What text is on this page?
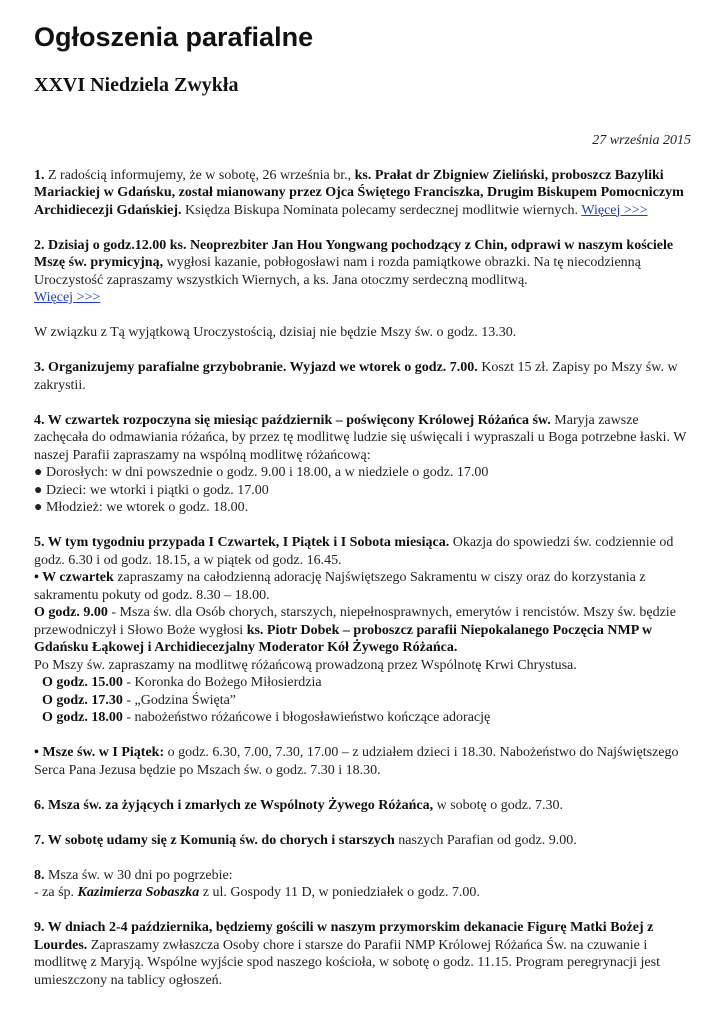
Ogłoszenia parafialne
XXVI Niedziela Zwykła
27 września 2015

1. Z radością informujemy, że w sobotę, 26 września br., ks. Prałat dr Zbigniew Zieliński, proboszcz Bazyliki Mariackiej w Gdańsku, został mianowany przez Ojca Świętego Franciszka, Drugim Biskupem Pomocniczym Archidiecezji Gdańskiej. Księdza Biskupa Nominata polecamy serdecznej modlitwie wiernych. Więcej >>>

2. Dzisiaj o godz.12.00 ks. Neoprezbiter Jan Hou Yongwang pochodzący z Chin, odprawi w naszym kościele Mszę św. prymicyjną, wygłosi kazanie, pobłogosławi nam i rozda pamiątkowe obrazki. Na tę niecodzienną Uroczystość zapraszamy wszystkich Wiernych, a ks. Jana otoczmy serdeczną modlitwą.
Więcej >>>

W związku z Tą wyjątkową Uroczystością, dzisiaj nie będzie Mszy św. o godz. 13.30.

3. Organizujemy parafialne grzybobranie. Wyjazd we wtorek o godz. 7.00. Koszt 15 zł. Zapisy po Mszy św. w zakrystii.

4. W czwartek rozpoczyna się miesiąc październik – poświęcony Królowej Różańca św. Maryja zawsze zachęcała do odmawiania różańca, by przez tę modlitwę ludzie się uświęcali i wypraszali u Boga potrzebne łaski. W naszej Parafii zapraszamy na wspólną modlitwę różańcową:

● Dorosłych: w dni powszednie o godz. 9.00 i 18.00, a w niedziele o godz. 17.00
● Dzieci: we wtorki i piątki o godz. 17.00
● Młodzież: we wtorek o godz. 18.00.

5. W tym tygodniu przypada I Czwartek, I Piątek i I Sobota miesiąca. Okazja do spowiedzi św. codziennie od godz. 6.30 i od godz. 18.15, a w piątek od godz. 16.45.
• W czwartek zapraszamy na całodzienną adorację Najświętszego Sakramentu w ciszy oraz do korzystania z sakramentu pokuty od godz. 8.30 – 18.00.
O godz. 9.00 - Msza św. dla Osób chorych, starszych, niepełnosprawnych, emerytów i rencistów. Mszy św. będzie przewodniczył i Słowo Boże wygłosi ks. Piotr Dobek – proboszcz parafii Niepokalanego Poczęcia NMP w Gdańsku Łąkowej i Archidiecezjalny Moderator Kół Żywego Różańca.
Po Mszy św. zapraszamy na modlitwę różańcową prowadzoną przez Wspólnotę Krwi Chrystusa.

O godz. 15.00 - Koronka do Bożego Miłosierdzia
O godz. 17.30 - „Godzina Święta”
O godz. 18.00 - nabożeństwo różańcowe i błogosławieństwo kończące adorację

• Msze św. w I Piątek: o godz. 6.30, 7.00, 7.30, 17.00 – z udziałem dzieci i 18.30. Nabożeństwo do Najświętszego Serca Pana Jezusa będzie po Mszach św. o godz. 7.30 i 18.30.

6. Msza św. za żyjących i zmarłych ze Wspólnoty Żywego Różańca, w sobotę o godz. 7.30.

7. W sobotę udamy się z Komunią św. do chorych i starszych naszych Parafian od godz. 9.00.

8. Msza św. w 30 dni po pogrzebie:
- za śp. Kazimierza Sobaszka z ul. Gospody 11 D, w poniedziałek o godz. 7.00.

9. W dniach 2-4 października, będziemy gościli w naszym przymorskim dekanacie Figurę Matki Bożej z Lourdes. Zapraszamy zwłaszcza Osoby chore i starsze do Parafii NMP Królowej Różańca Św. na czuwanie i modlitwę z Maryją. Wspólne wyjście spod naszego kościoła, w sobotę o godz. 11.15. Program peregrynacji jest umieszczony na tablicy ogłoszeń.
